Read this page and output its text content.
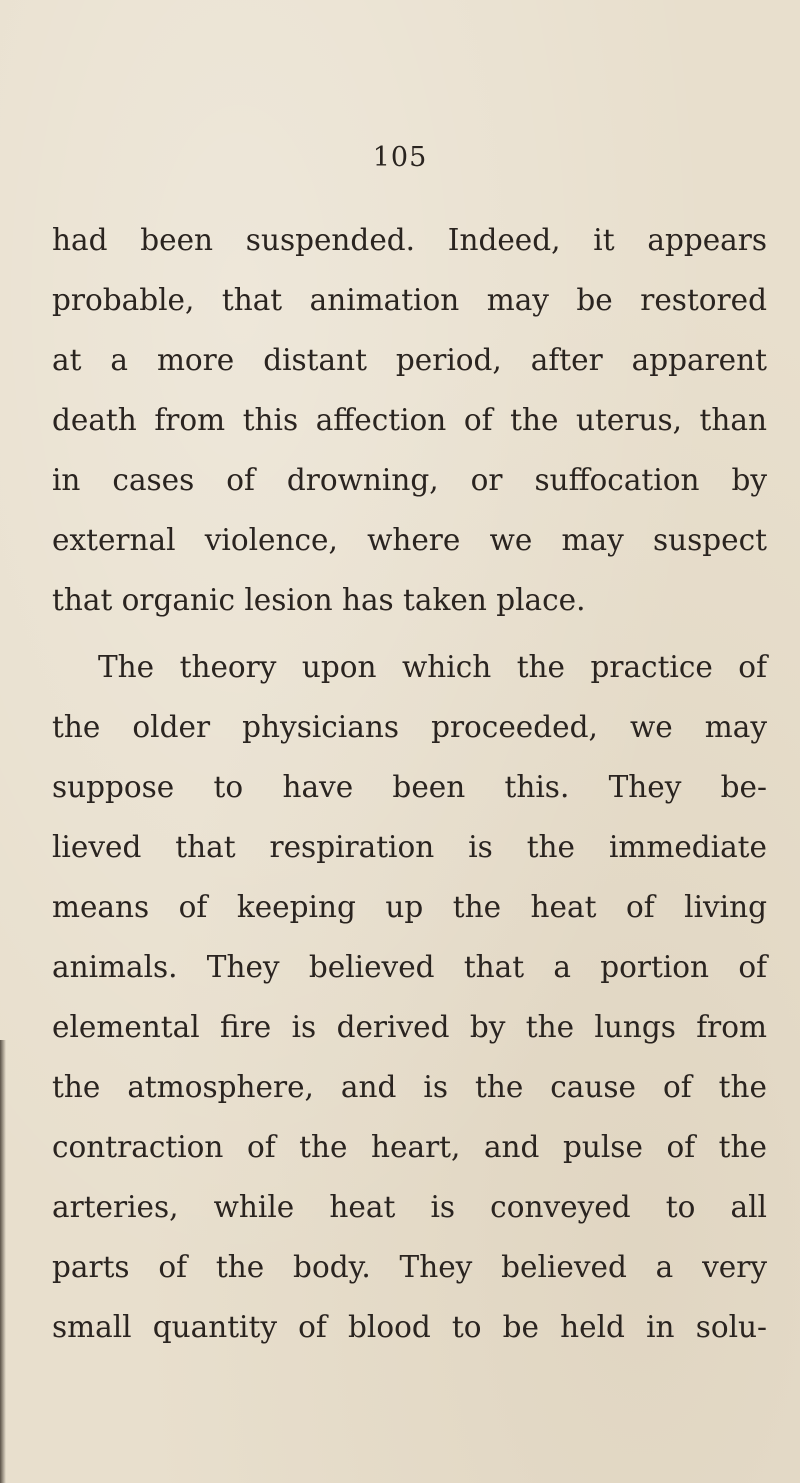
105
had been suspended. Indeed, it appears
probable, that animation may be restored
at a more distant period, after apparent
death from this affection of the uterus, than
in cases of drowning, or suffocation by
external violence, where we may suspect
that organic lesion has taken place.
The theory upon which the practice of
the older physicians proceeded, we may
suppose to have been this. They be-
lieved that respiration is the immediate
means of keeping up the heat of living
animals. They believed that a portion of
elemental fire is derived by the lungs from
the atmosphere, and is the cause of the
contraction of the heart, and pulse of the
arteries, while heat is conveyed to all
parts of the body. They believed a very
small quantity of blood to be held in solu-
